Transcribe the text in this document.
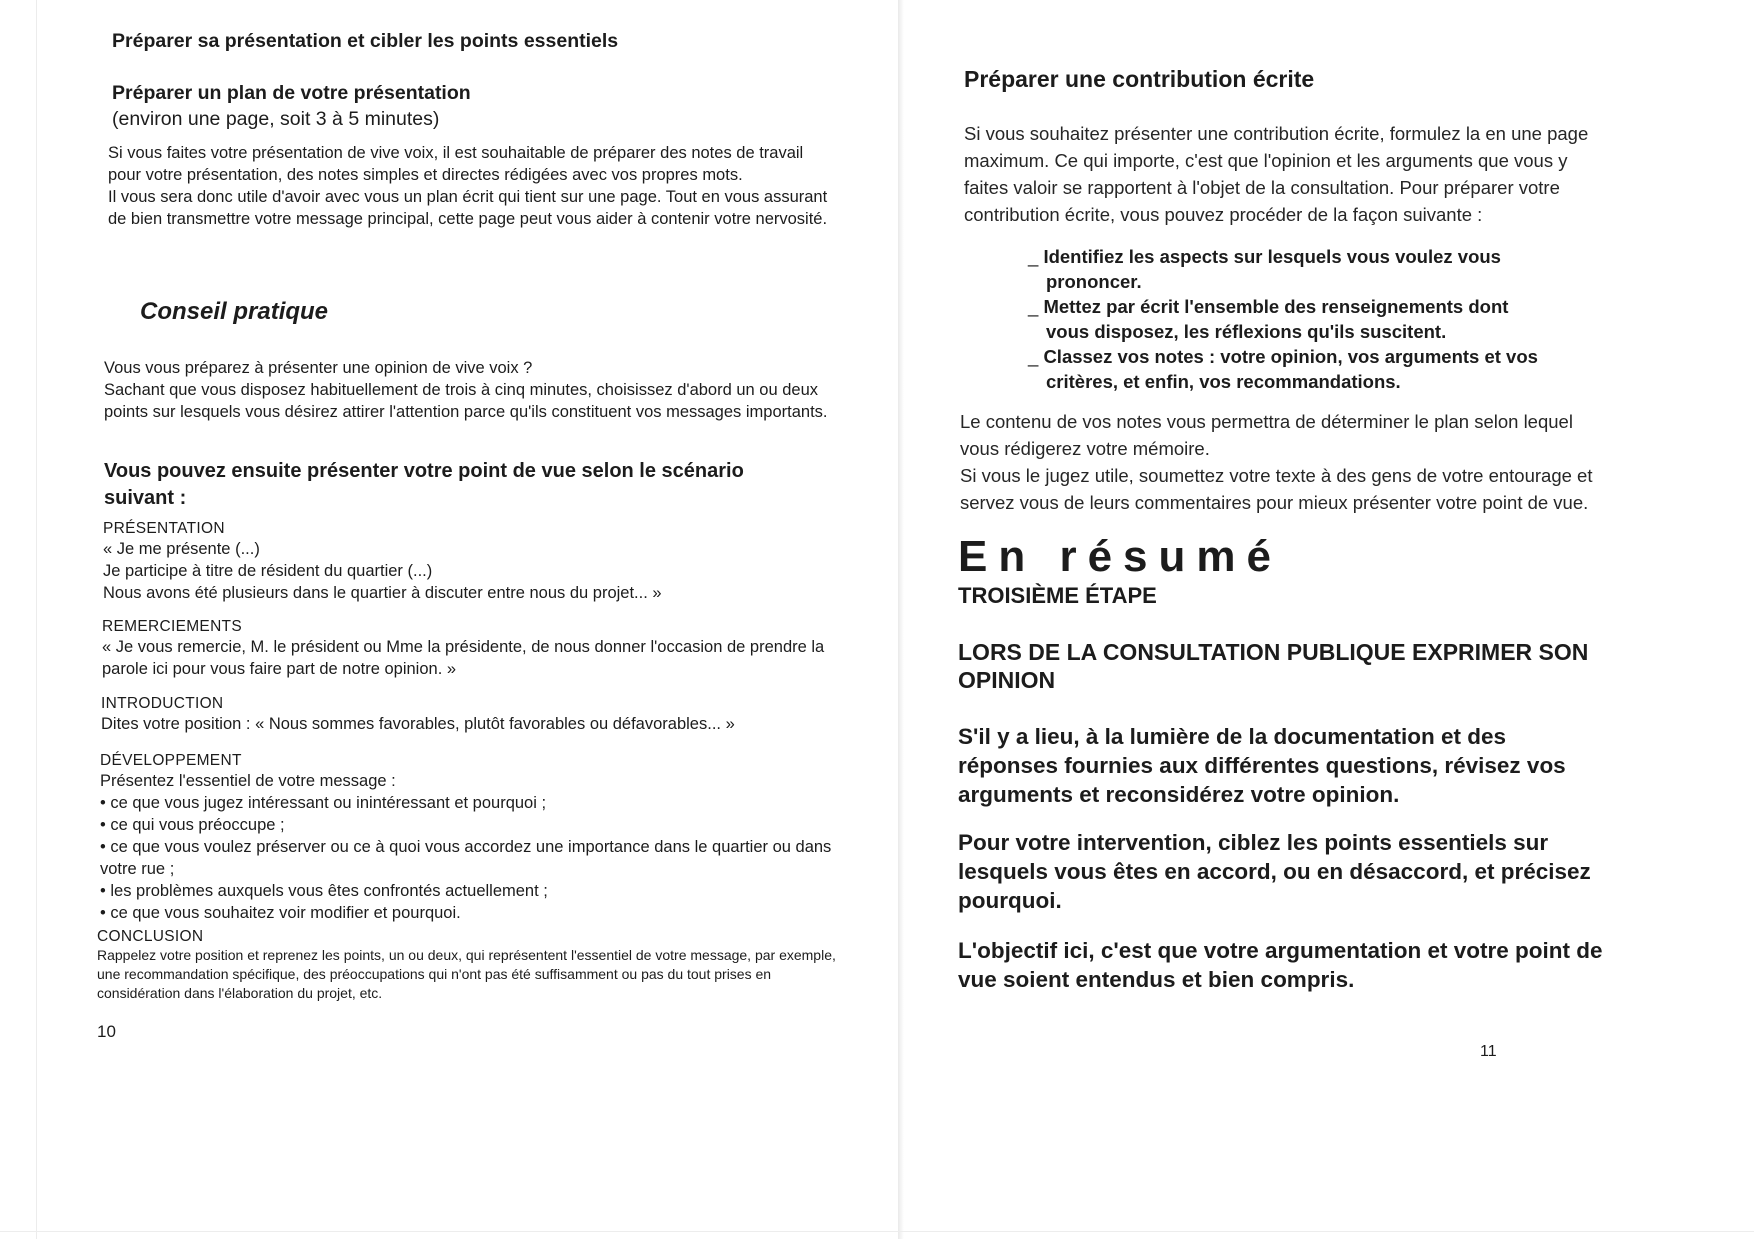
Préparer sa présentation et cibler les points essentiels

Préparer un plan de votre présentation

(environ une page, soit 3 à 5 minutes)

Si vous faites votre présentation de vive voix, il est souhaitable de préparer des notes de travail pour votre présentation, des notes simples et directes rédigées avec vos propres mots.

Il vous sera donc utile d'avoir avec vous un plan écrit qui tient sur une page. Tout en vous assurant de bien transmettre votre message principal, cette page peut vous aider à contenir votre nervosité.

Conseil pratique

Vous vous préparez à présenter une opinion de vive voix ?

Sachant que vous disposez habituellement de trois à cinq minutes, choisissez d'abord un ou deux points sur lesquels vous désirez attirer l'attention parce qu'ils constituent vos messages importants.

Vous pouvez ensuite présenter votre point de vue selon le scénario suivant :

PRÉSENTATION

« Je me présente (...)

Je participe à titre de résident du quartier (...)

Nous avons été plusieurs dans le quartier à discuter entre nous du projet... »

REMERCIEMENTS

« Je vous remercie, M. le président ou Mme la présidente, de nous donner l'occasion de prendre la parole ici pour vous faire part de notre opinion. »

INTRODUCTION

Dites votre position : « Nous sommes favorables, plutôt favorables ou défavorables... »

DÉVELOPPEMENT

Présentez l'essentiel de votre message :

• ce que vous jugez intéressant ou inintéressant et pourquoi ;

• ce qui vous préoccupe ;

• ce que vous voulez préserver ou ce à quoi vous accordez une importance dans le quartier ou dans votre rue ;

• les problèmes auxquels vous êtes confrontés actuellement ;

• ce que vous souhaitez voir modifier et pourquoi.

CONCLUSION

Rappelez votre position et reprenez les points, un ou deux, qui représentent l'essentiel de votre message, par exemple, une recommandation spécifique, des préoccupations qui n'ont pas été suffisamment ou pas du tout prises en considération dans l'élaboration du projet, etc.

10

Préparer une contribution écrite

Si vous souhaitez présenter une contribution écrite, formulez la en une page maximum. Ce qui importe, c'est que l'opinion et les arguments que vous y faites valoir se rapportent à l'objet de la consultation. Pour préparer votre contribution écrite, vous pouvez procéder de la façon suivante :

_ Identifiez les aspects sur lesquels vous voulez vous prononcer.
_ Mettez par écrit l'ensemble des renseignements dont vous disposez, les réflexions qu'ils suscitent.
_ Classez vos notes : votre opinion, vos arguments et vos critères, et enfin, vos recommandations.

Le contenu de vos notes vous permettra de déterminer le plan selon lequel vous rédigerez votre mémoire.

Si vous le jugez utile, soumettez votre texte à des gens de votre entourage et servez vous de leurs commentaires pour mieux présenter votre point de vue.

En résumé

TROISIÈME ÉTAPE

LORS DE LA CONSULTATION PUBLIQUE EXPRIMER SON OPINION

S'il y a lieu, à la lumière de la documentation et des réponses fournies aux différentes questions, révisez vos arguments et reconsidérez votre opinion.

Pour votre intervention, ciblez les points essentiels sur lesquels vous êtes en accord, ou en désaccord, et précisez pourquoi.

L'objectif ici, c'est que votre argumentation et votre point de vue soient entendus et bien compris.

11
